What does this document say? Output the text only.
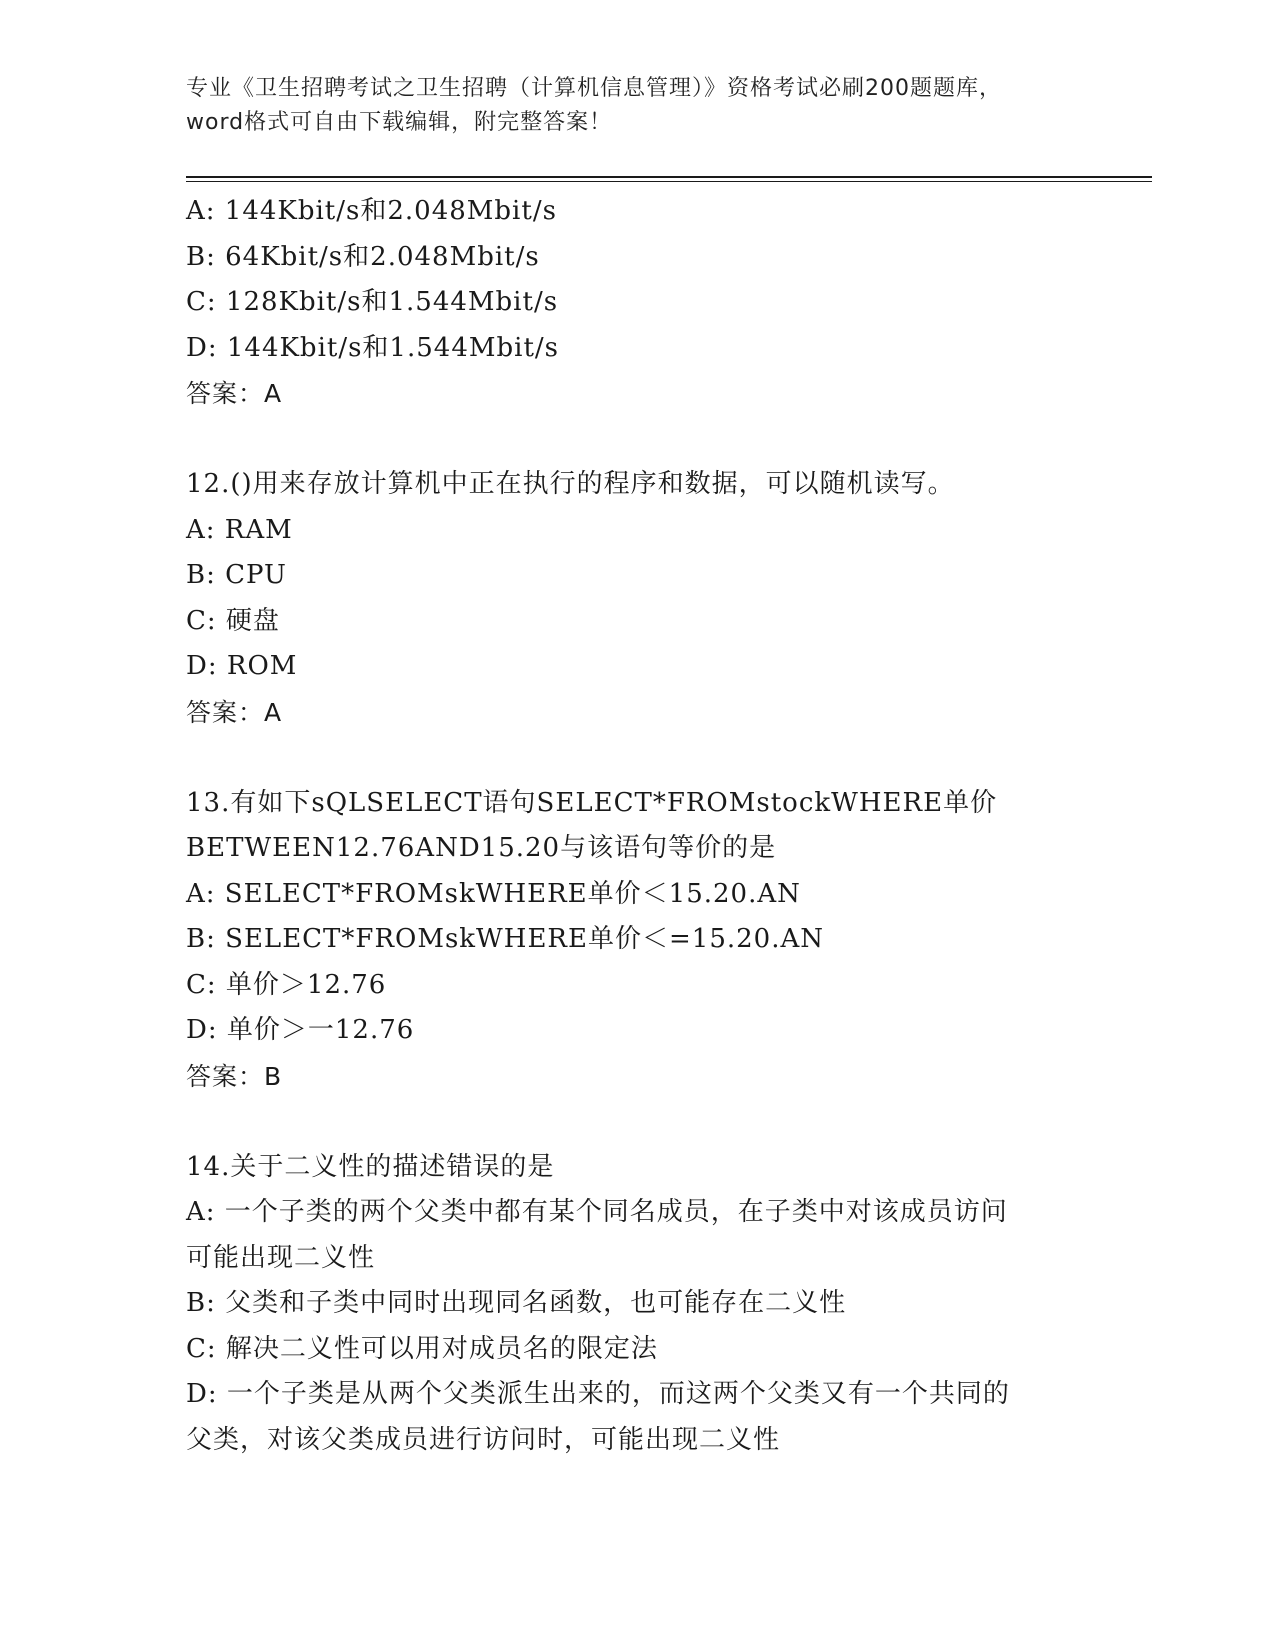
专业《卫生招聘考试之卫生招聘（计算机信息管理）》资格考试必刷200题题库，
word格式可自由下载编辑，附完整答案！
A: 144Kbit/s和2.048Mbit/s
B: 64Kbit/s和2.048Mbit/s
C: 128Kbit/s和1.544Mbit/s
D: 144Kbit/s和1.544Mbit/s
答案：A
12.()用来存放计算机中正在执行的程序和数据，可以随机读写。
A: RAM
B: CPU
C: 硬盘
D: ROM
答案：A
13.有如下sQLSELECT语句SELECT*FROMstockWHERE单价
BETWEEN12.76AND15.20与该语句等价的是
A: SELECT*FROMskWHERE单价＜15.20.AN
B: SELECT*FROMskWHERE单价＜=15.20.AN
C: 单价＞12.76
D: 单价＞一12.76
答案：B
14.关于二义性的描述错误的是
A: 一个子类的两个父类中都有某个同名成员，在子类中对该成员访问
可能出现二义性
B: 父类和子类中同时出现同名函数，也可能存在二义性
C: 解决二义性可以用对成员名的限定法
D: 一个子类是从两个父类派生出来的，而这两个父类又有一个共同的
父类，对该父类成员进行访问时，可能出现二义性
